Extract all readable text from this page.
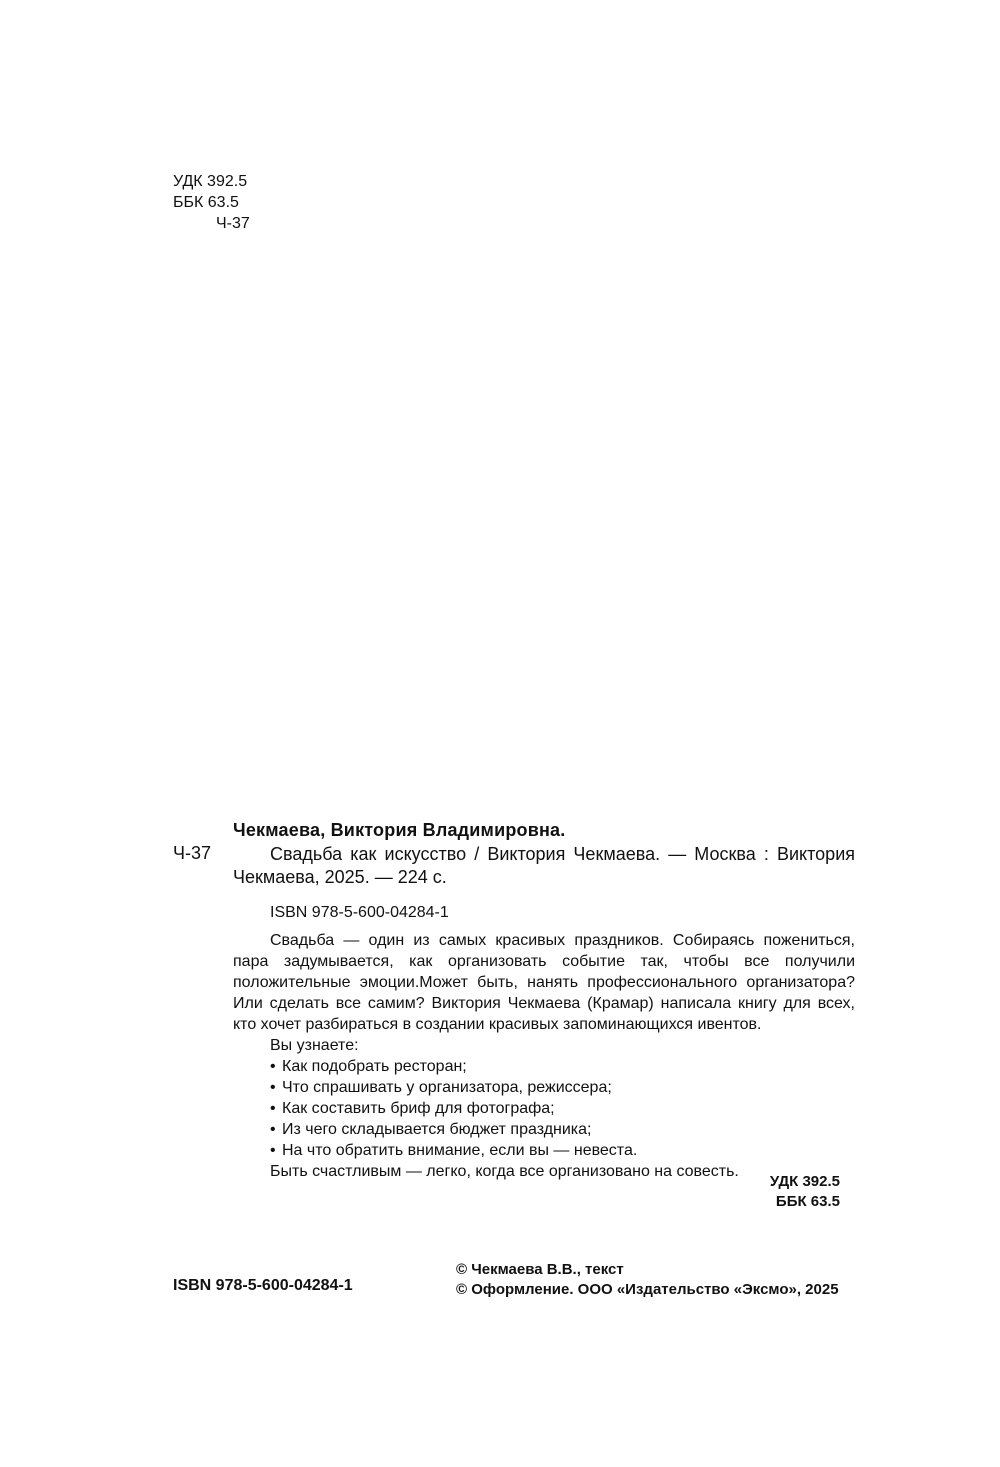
УДК 392.5
ББК 63.5
Ч-37
Чекмаева, Виктория Владимировна.
Ч-37	Свадьба как искусство / Виктория Чекмаева. — Москва : Виктория Чекмаева, 2025. — 224 с.
ISBN 978-5-600-04284-1

Свадьба — один из самых красивых праздников. Собираясь пожениться, пара задумывается, как организовать событие так, чтобы все получили положительные эмоции.Может быть, нанять профессионального организатора? Или сделать все самим? Виктория Чекмаева (Крамар) написала книгу для всех, кто хочет разбираться в создании красивых запоминающихся ивентов.

Вы узнаете:

• Как подобрать ресторан;

• Что спрашивать у организатора, режиссера;

• Как составить бриф для фотографа;

• Из чего складывается бюджет праздника;

• На что обратить внимание, если вы — невеста.

Быть счастливым — легко, когда все организовано на совесть.

УДК 392.5
ББК 63.5
ISBN 978-5-600-04284-1
© Чекмаева В.В., текст
© Оформление. ООО «Издательство «Эксмо», 2025
